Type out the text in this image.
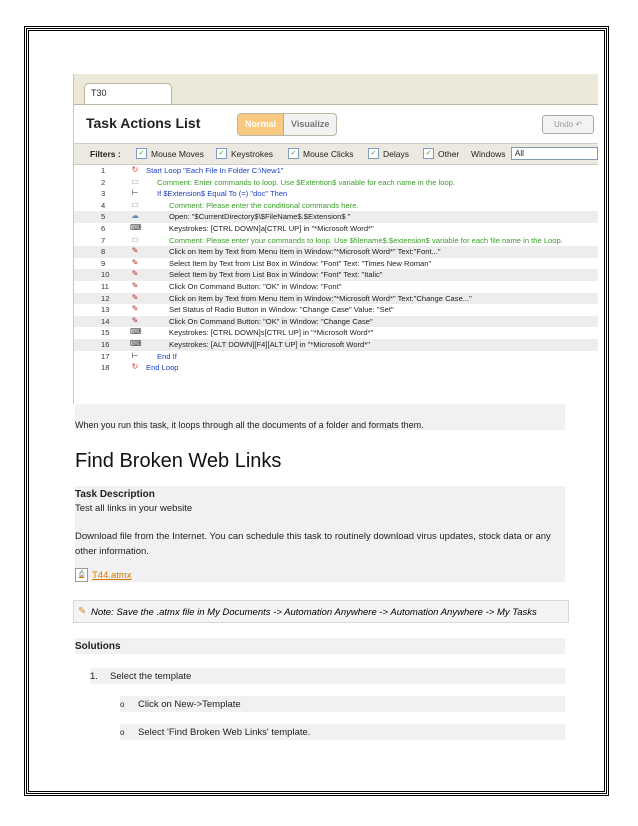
T30
Task Actions List	Normal	Visualize	Undo ↶
Filters :	✓ Mouse Moves	✓ Keystrokes	✓ Mouse Clicks	✓ Delays	✓ Other Windows	All
1	↻ Start Loop "Each File In Folder C:\New1"
2	▭ Comment: Enter commands to loop. Use $Extention$ variable for each name in the loop.
3	⊢ If $Extension$ Equal To (=) "doc" Then
4	▭	Comment: Please enter the conditional commands here.
5	☁	Open: "$CurrentDirectory$\$FileName$.$Extension$ "
6	⌨	Keystrokes: [CTRL DOWN]a[CTRL UP] in "*Microsoft Word*"
7	▭	Comment: Please enter your commands to loop. Use $filename$.$extension$ variable for each file name in the Loop.
8	✎	Click on Item by Text from Menu Item in Window:"*Microsoft Word*" Text:"Font..."
9	✎	Select Item by Text from List Box in Window: "Font" Text: "Times New Roman"
10	✎	Select Item by Text from List Box in Window: "Font" Text: "Italic"
11	✎	Click On Command Button: "OK" in Window: "Font"
12	✎	Click on Item by Text from Menu Item in Window:"*Microsoft Word*" Text:"Change Case..."
13	✎	Set Status of Radio Button in Window: "Change Case" Value: "Set"
14	✎	Click On Command Button: "OK" in Window: "Change Case"
15	⌨	Keystrokes: [CTRL DOWN]s[CTRL UP] in "*Microsoft Word*"
16	⌨	Keystrokes: [ALT DOWN][F4][ALT UP] in "*Microsoft Word*"
17	⊢ End If
18	↻ End Loop
When you run this task, it loops through all the documents of a folder and formats them.
Find Broken Web Links
Task Description
Test all links in your website
Download file from the Internet. You can schedule this task to routinely download virus updates, stock data or any other information.
⎙ T44.atmx
✎ Note: Save the .atmx file in My Documents -> Automation Anywhere -> Automation Anywhere -> My Tasks
Solutions
1. Select the template
o Click on New->Template
o Select 'Find Broken Web Links' template.
